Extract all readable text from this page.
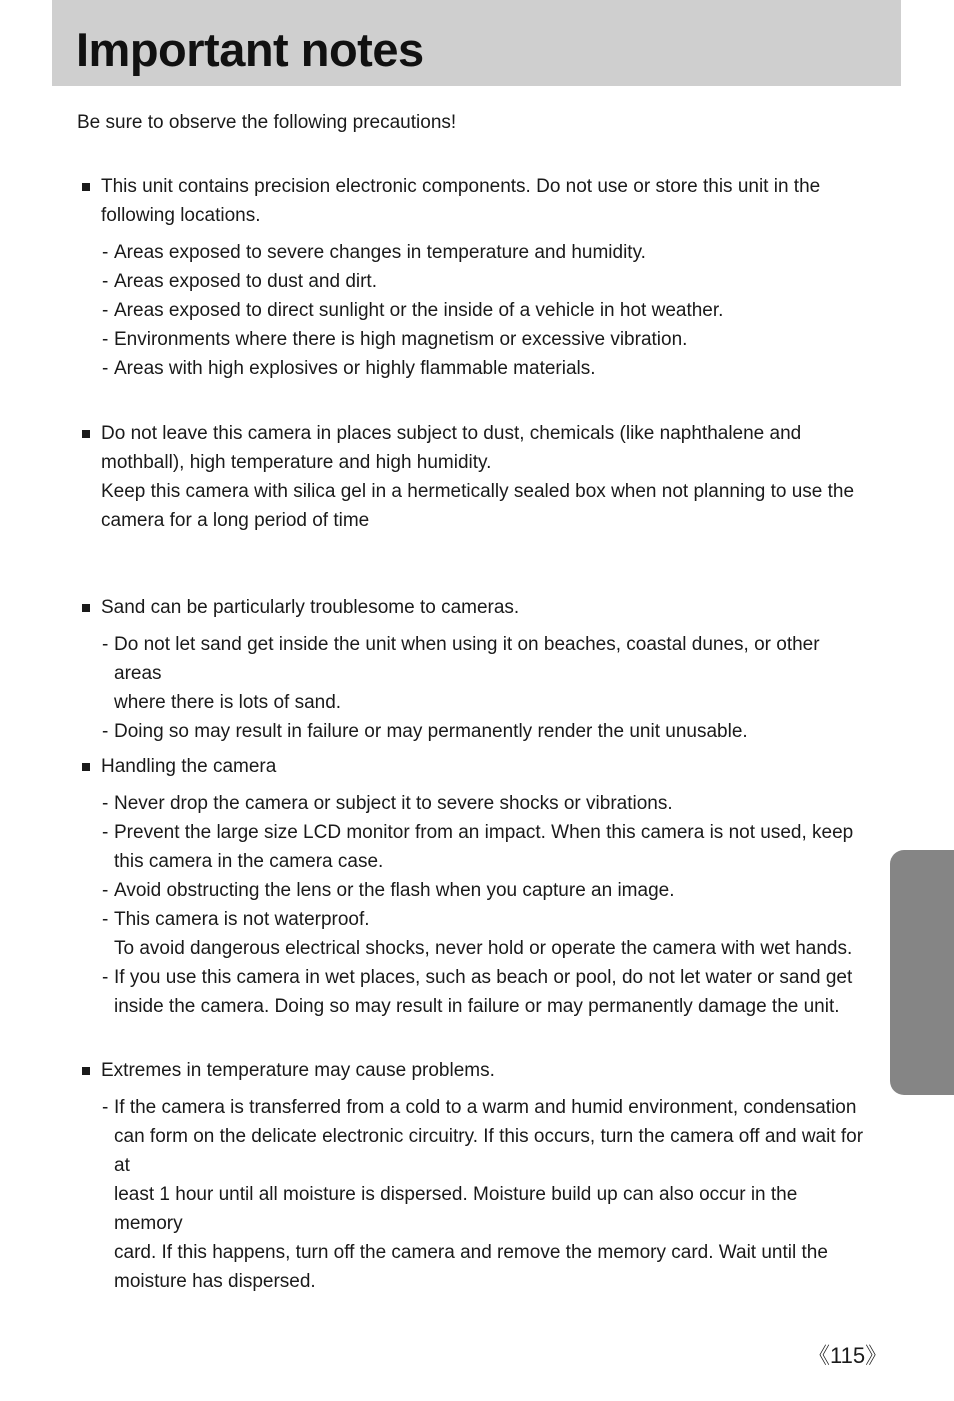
Important notes
Be sure to observe the following precautions!
This unit contains precision electronic components. Do not use or store this unit in the
following locations.
- Areas exposed to severe changes in temperature and humidity.
- Areas exposed to dust and dirt.
- Areas exposed to direct sunlight or the inside of a vehicle in hot weather.
- Environments where there is high magnetism or excessive vibration.
- Areas with high explosives or highly flammable materials.
Do not leave this camera in places subject to dust, chemicals (like naphthalene and
mothball), high temperature and high humidity.
Keep this camera with silica gel in a hermetically sealed box when not planning to use the
camera for a long period of time
Sand can be particularly troublesome to cameras.
- Do not let sand get inside the unit when using it on beaches, coastal dunes, or other areas
where there is lots of sand.
- Doing so may result in failure or may permanently render the unit unusable.
Handling the camera
- Never drop the camera or subject it to severe shocks or vibrations.
- Prevent the large size LCD monitor from an impact. When this camera is not used, keep
this camera in the camera case.
- Avoid obstructing the lens or the flash when you capture an image.
- This camera is not waterproof.
To avoid dangerous electrical shocks, never hold or operate the camera with wet hands.
- If you use this camera in wet places, such as beach or pool, do not let water or sand get
inside the camera. Doing so may result in failure or may permanently damage the unit.
Extremes in temperature may cause problems.
- If the camera is transferred from a cold to a warm and humid environment, condensation
can form on the delicate electronic circuitry. If this occurs, turn the camera off and wait for at
least 1 hour until all moisture is dispersed. Moisture build up can also occur in the memory
card. If this happens, turn off the camera and remove the memory card. Wait until the
moisture has dispersed.
《115》
